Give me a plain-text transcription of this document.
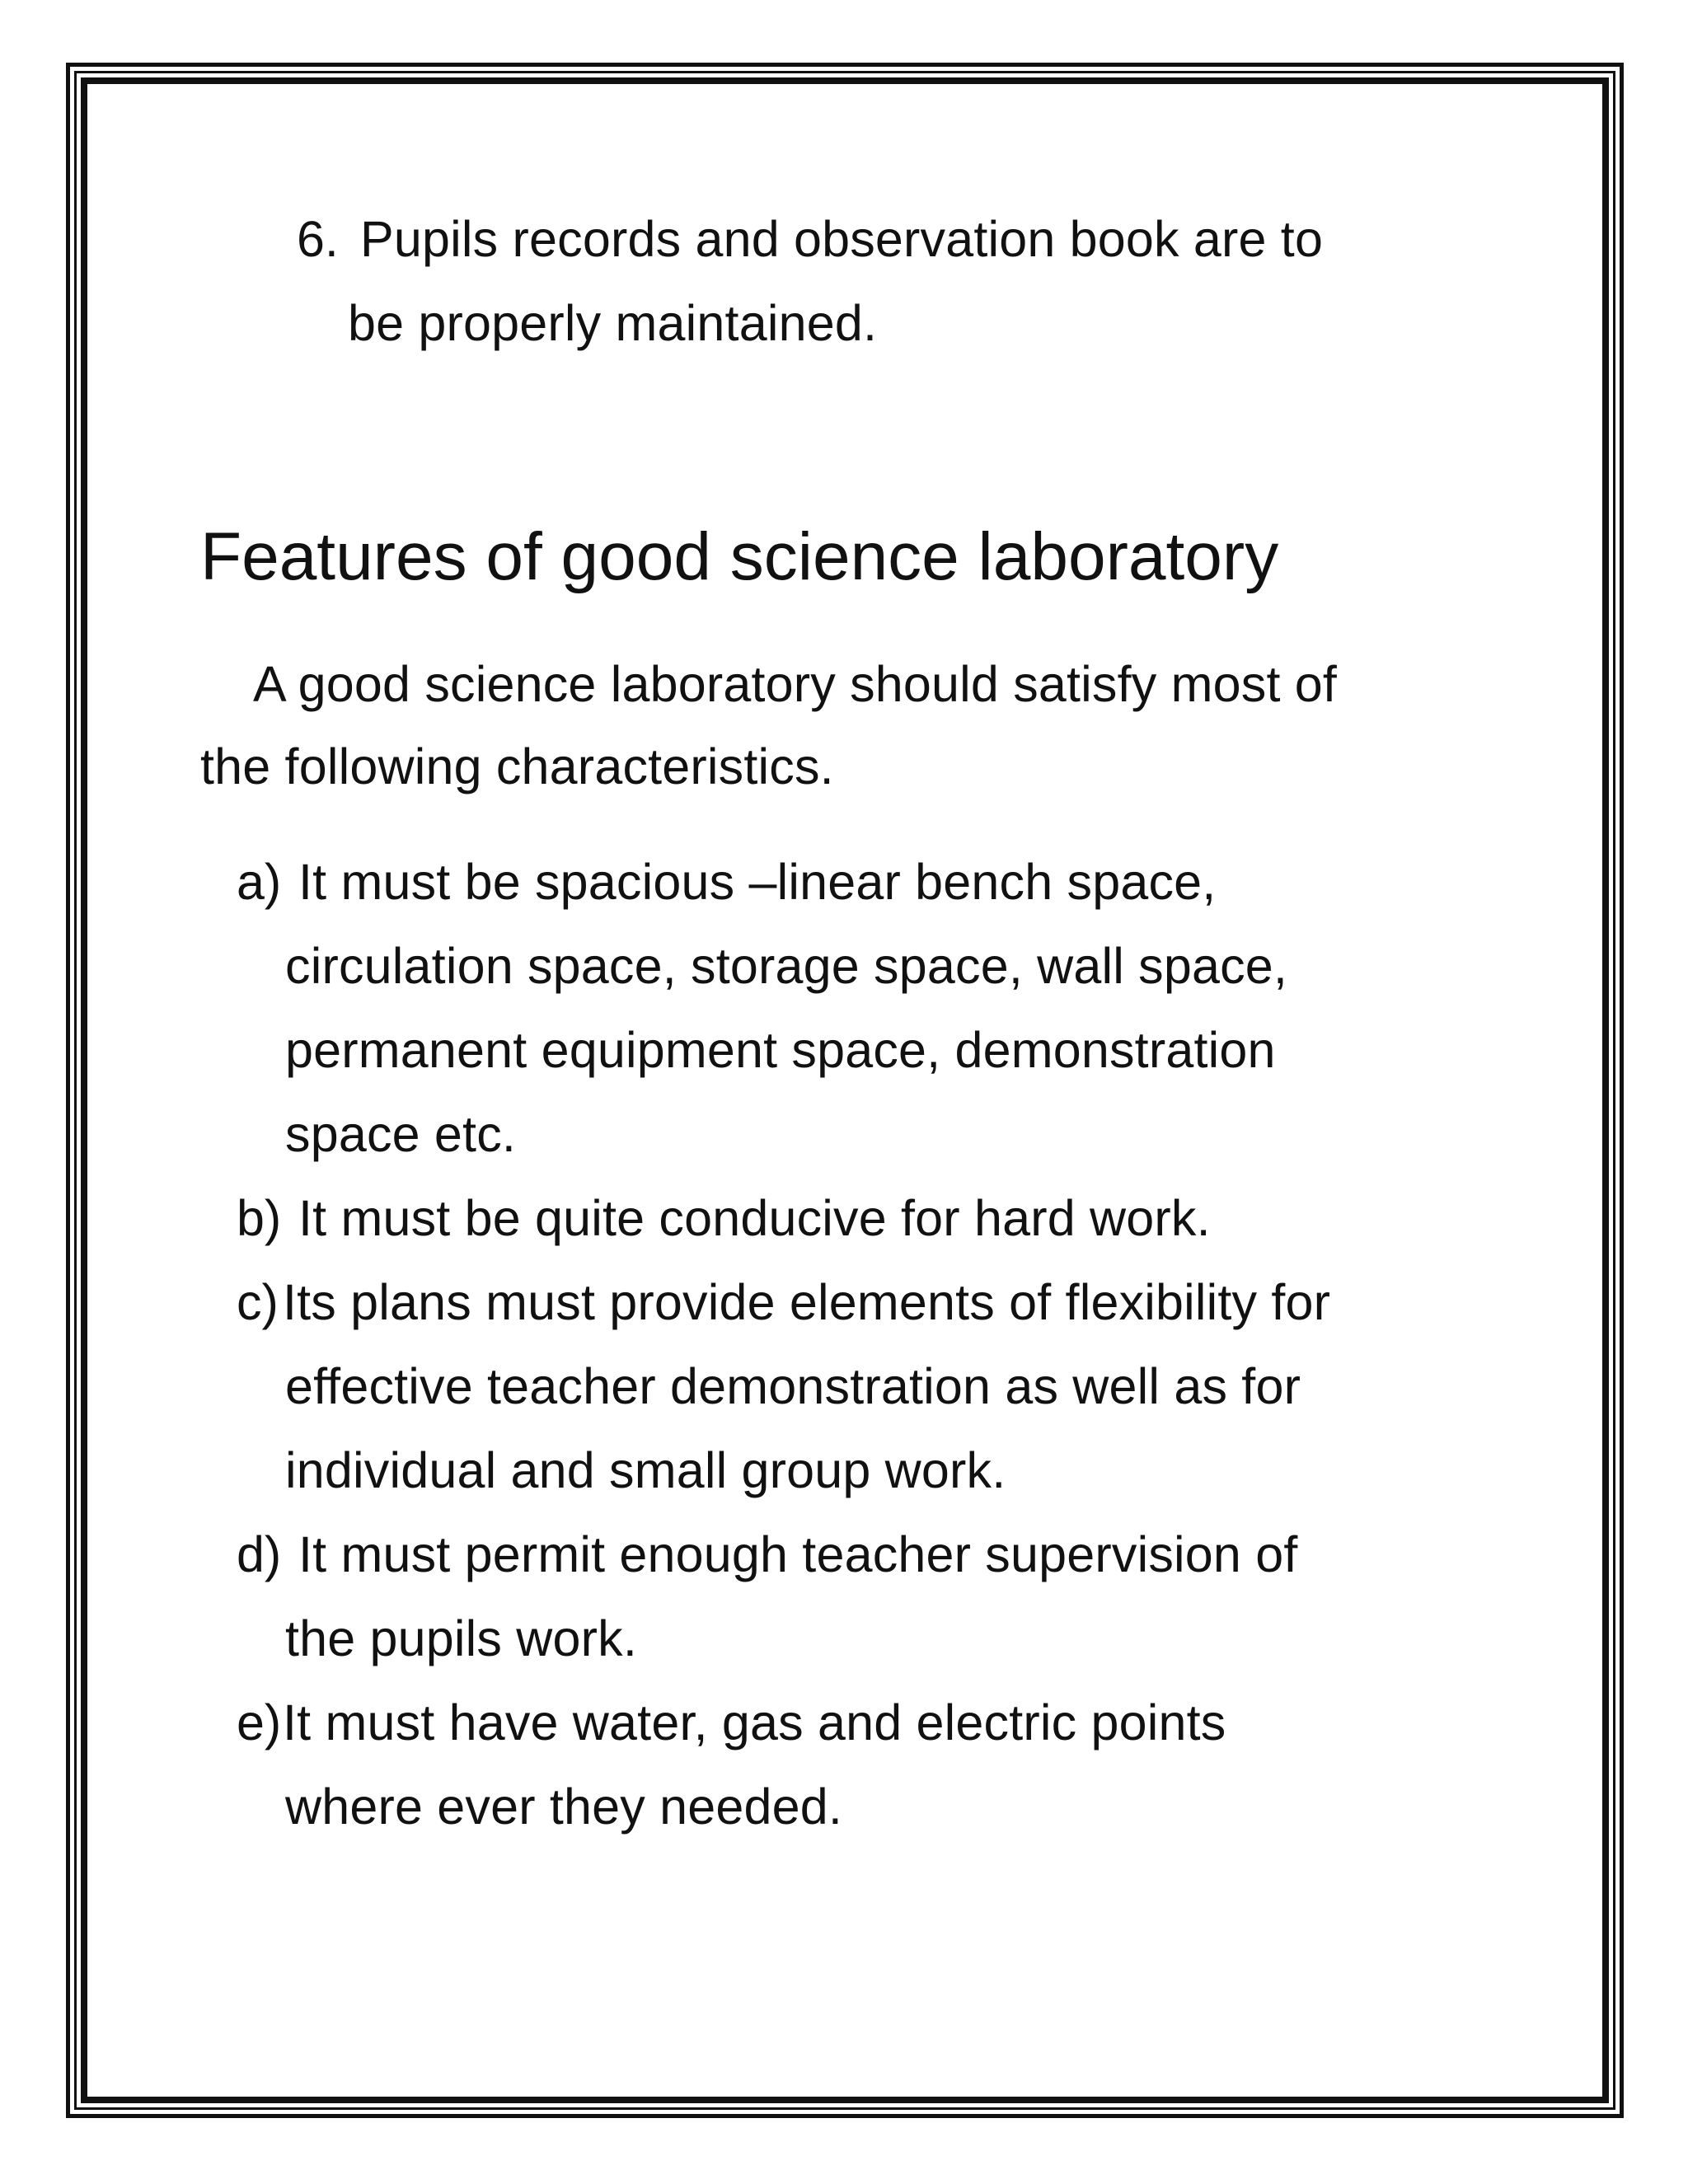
6. Pupils records and observation book are to
be properly maintained.
Features of good science laboratory
A good science laboratory should satisfy most of
the following characteristics.
a) It must be spacious –linear bench space,
circulation space, storage space, wall space,
permanent equipment space, demonstration
space etc.
b) It must be quite conducive for hard work.
c) Its plans must provide elements of flexibility for
effective teacher demonstration as well as for
individual and small group work.
d) It must permit enough teacher supervision of
the pupils work.
e) It must have water, gas and electric points
where ever they needed.
